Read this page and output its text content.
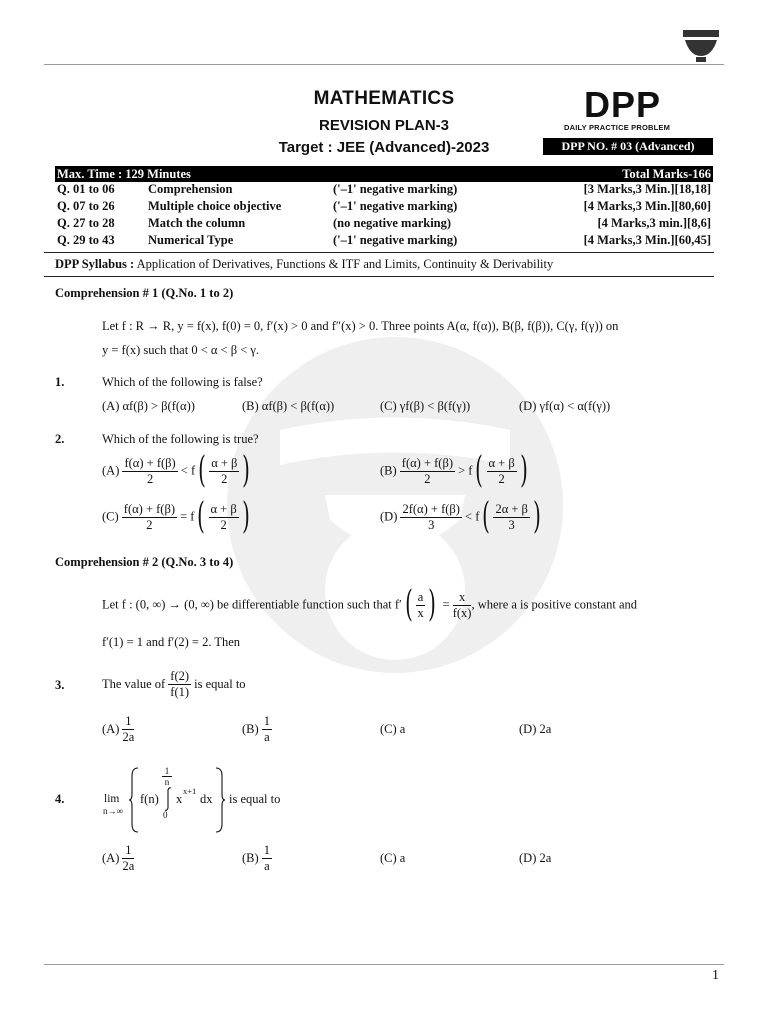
MATHEMATICS
REVISION PLAN-3
Target : JEE (Advanced)-2023
DPP
DAILY PRACTICE PROBLEM
DPP NO. # 03 (Advanced)
Max. Time : 129 Minutes	Total Marks-166
Q. 01 to 06	Comprehension	('–1' negative marking)	[3 Marks,3 Min.][18,18]
Q. 07 to 26	Multiple choice objective	('–1' negative marking)	[4 Marks,3 Min.][80,60]
Q. 27 to 28	Match the column	(no negative marking)	[4 Marks,3 min.][8,6]
Q. 29 to 43	Numerical Type	('–1' negative marking)	[4 Marks,3 Min.][60,45]
DPP Syllabus : Application of Derivatives, Functions & ITF and Limits, Continuity & Derivability
Comprehension # 1 (Q.No. 1 to 2)
Let f : R → R, y = f(x), f(0) = 0, f′(x) > 0 and f″(x) > 0. Three points A(α, f(α)), B(β, f(β)), C(γ, f(γ)) on
y = f(x) such that 0 < α < β < γ.
1.	Which of the following is false?
(A) αf(β) > β(f(α))	(B) αf(β) < β(f(α))	(C) γf(β) < β(f(γ))	(D) γf(α) < α(f(γ))
2.	Which of the following is true?
$(A) \frac{f(\alpha) + f(\beta)}{2} < f( \frac{\alpha + \beta}{2}$ )	$(B) \frac{f(\alpha) + f(\beta)}{2} > f( \frac{\alpha + \beta}{2}$ )
$(C) \frac{f(\alpha) + f(\beta)}{2} = f( \frac{\alpha + \beta}{2}$ )	$(D) \frac{2f(\alpha) + f(\beta)}{3} < f( \frac{2\alpha + \beta}{3}$ )
Comprehension # 2 (Q.No. 3 to 4)
Let f : (0, ∞) → (0, ∞) be differentiable function such that $f'( \frac{a}{x}$ ) = $\frac{x}{f(x)}$ , where a is positive constant and
f′(1) = 1 and f′(2) = 2. Then
3.	The value of $\frac{f(2)}{f(1)}$ is equal to
$(A) \frac{1}{2a}$	$(B) \frac{1}{a}$	(C) a	(D) 2a
4.	lim
n→∞
f(n)
1
n
0
x
x+1
dx is equal to
$(A) \frac{1}{2a}$	$(B) \frac{1}{a}$	(C) a	(D) 2a
1
